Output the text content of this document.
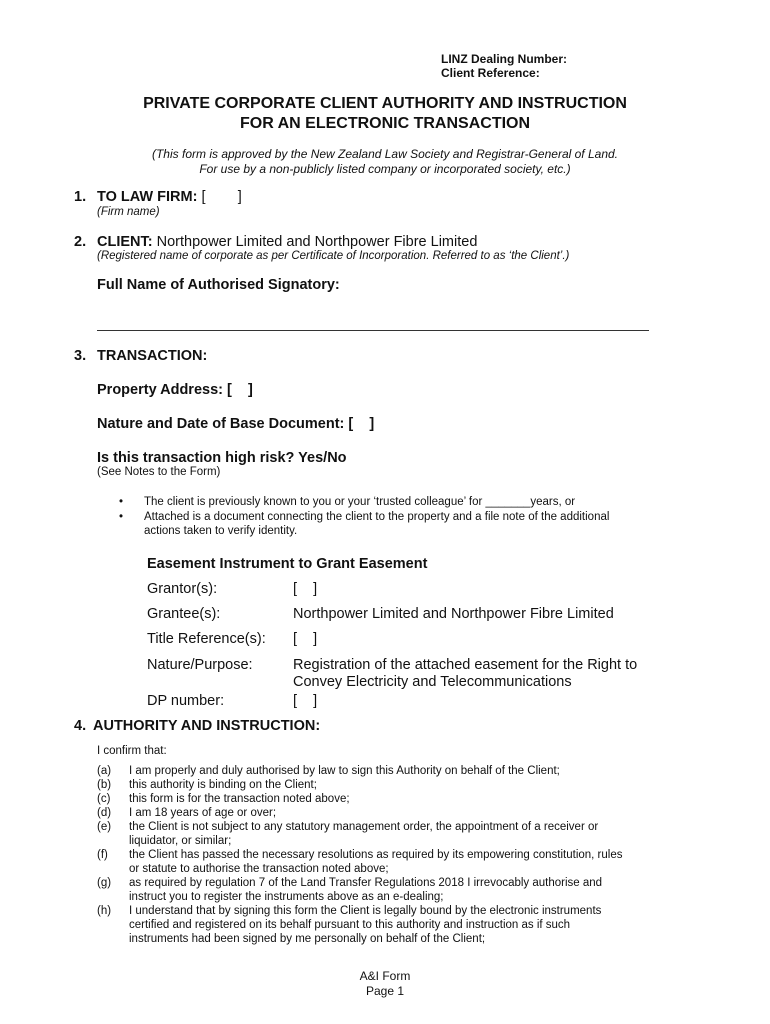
LINZ Dealing Number:
Client Reference:
PRIVATE CORPORATE CLIENT AUTHORITY AND INSTRUCTION
FOR AN ELECTRONIC TRANSACTION
(This form is approved by the New Zealand Law Society and Registrar-General of Land.
For use by a non-publicly listed company or incorporated society, etc.)
1. TO LAW FIRM: [        ]
(Firm name)
2. CLIENT: Northpower Limited and Northpower Fibre Limited
(Registered name of corporate as per Certificate of Incorporation. Referred to as ‘the Client’.)
Full Name of Authorised Signatory:
3. TRANSACTION:
Property Address: [    ]
Nature and Date of Base Document: [    ]
Is this transaction high risk? Yes/No
(See Notes to the Form)
• The client is previously known to you or your ‘trusted colleague’ for _______years, or
• Attached is a document connecting the client to the property and a file note of the additional
actions taken to verify identity.
Easement Instrument to Grant Easement
Grantor(s):	[    ]
Grantee(s):	Northpower Limited and Northpower Fibre Limited
Title Reference(s): [    ]
Nature/Purpose:	Registration of the attached easement for the Right to
Convey Electricity and Telecommunications
DP number:	[    ]
4. AUTHORITY AND INSTRUCTION:
I confirm that:
(a) I am properly and duly authorised by law to sign this Authority on behalf of the Client;
(b) this authority is binding on the Client;
(c) this form is for the transaction noted above;
(d) I am 18 years of age or over;
(e) the Client is not subject to any statutory management order, the appointment of a receiver or
liquidator, or similar;
(f) the Client has passed the necessary resolutions as required by its empowering constitution, rules
or statute to authorise the transaction noted above;
(g) as required by regulation 7 of the Land Transfer Regulations 2018 I irrevocably authorise and
instruct you to register the instruments above as an e-dealing;
(h) I understand that by signing this form the Client is legally bound by the electronic instruments
certified and registered on its behalf pursuant to this authority and instruction as if such
instruments had been signed by me personally on behalf of the Client;
A&I Form
Page 1
